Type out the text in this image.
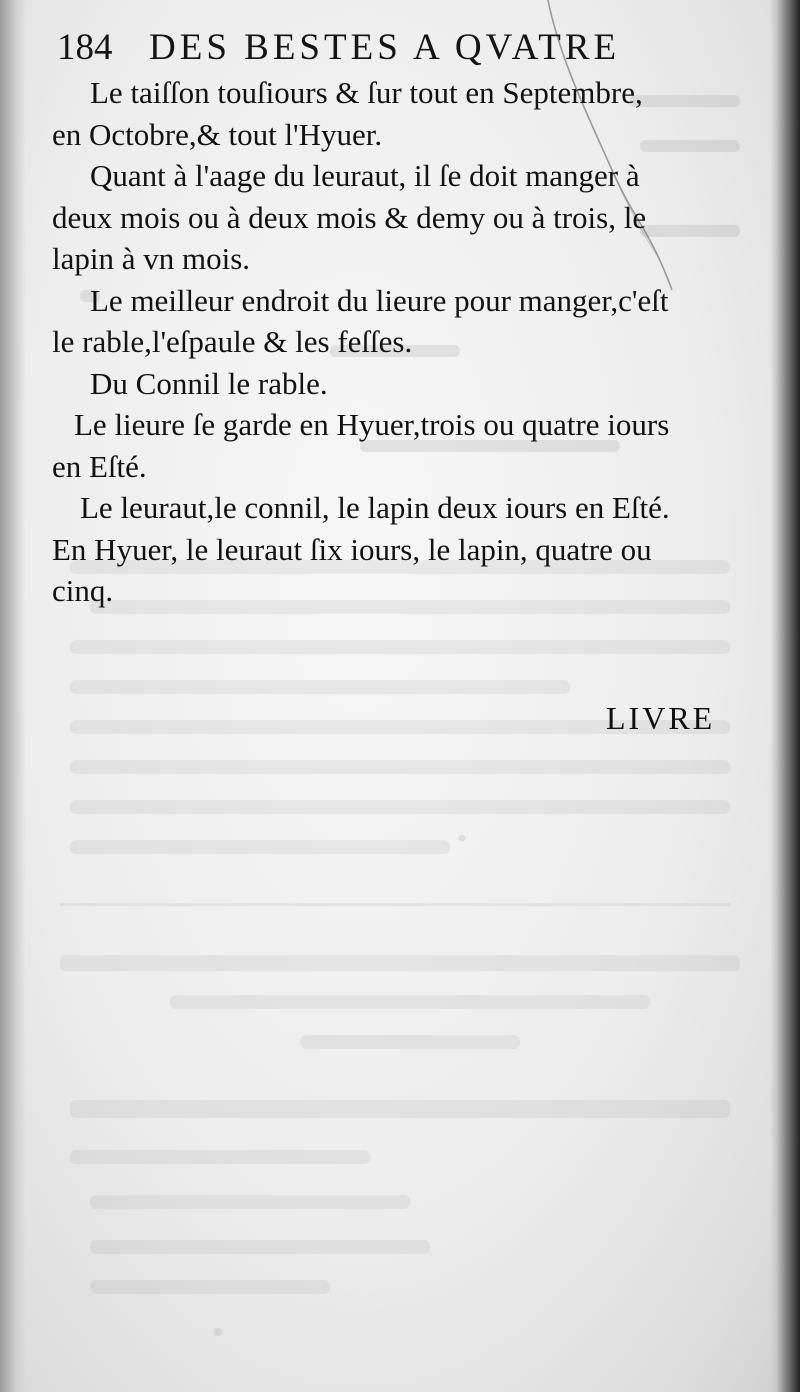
184 DES BESTES A QVATRE

Le taiſſon touſiours & ſur tout en Septembre,
en Octobre,& tout l'Hyuer.

Quant à l'aage du leuraut, il ſe doit manger à
deux mois ou à deux mois & demy ou à trois, le
lapin à vn mois.

Le meilleur endroit du lieure pour manger,c'eſt
le rable,l'eſpaule & les feſſes.

Du Connil le rable.

Le lieure ſe garde en Hyuer,trois ou quatre iours
en Eſté.

Le leuraut,le connil, le lapin deux iours en Eſté.
En Hyuer, le leuraut ſix iours, le lapin, quatre ou
cinq.

LIVRE
